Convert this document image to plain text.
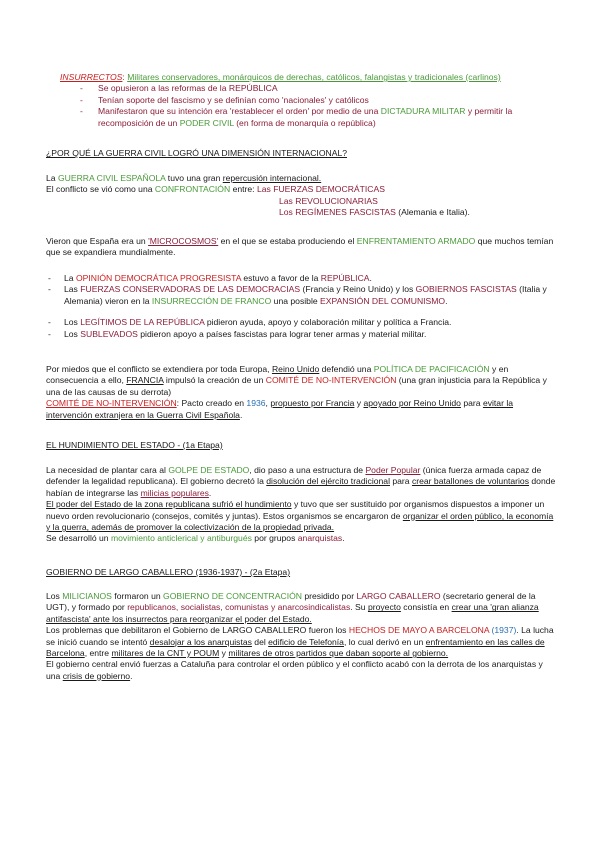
INSURRECTOS: Militares conservadores, monárquicos de derechas, católicos, falangistas y tradicionales (carlinos)
- Se opusieron a las reformas de la REPÚBLICA
- Tenían soporte del fascismo y se definían como 'nacionales' y católicos
- Manifestaron que su intención era 'restablecer el orden' por medio de una DICTADURA MILITAR y permitir la recomposición de un PODER CIVIL (en forma de monarquía o república)
¿POR QUÉ LA GUERRA CIVIL LOGRÓ UNA DIMENSIÓN INTERNACIONAL?
La GUERRA CIVIL ESPAÑOLA tuvo una gran repercusión internacional.
El conflicto se vió como una CONFRONTACIÓN entre: Las FUERZAS DEMOCRÁTICAS
Las REVOLUCIONARIAS
Los REGÍMENES FASCISTAS (Alemania e Italia).
Vieron que España era un 'MICROCOSMOS' en el que se estaba produciendo el ENFRENTAMIENTO ARMADO que muchos temían que se expandiera mundialmente.
- La OPINIÓN DEMOCRÁTICA PROGRESISTA estuvo a favor de la REPÚBLICA.
- Las FUERZAS CONSERVADORAS DE LAS DEMOCRACIAS (Francia y Reino Unido) y los GOBIERNOS FASCISTAS (Italia y Alemania) vieron en la INSURRECCIÓN DE FRANCO una posible EXPANSIÓN DEL COMUNISMO.
- Los LEGÍTIMOS DE LA REPÚBLICA pidieron ayuda, apoyo y colaboración militar y política a Francia.
- Los SUBLEVADOS pidieron apoyo a países fascistas para lograr tener armas y material militar.
Por miedos que el conflicto se extendiera por toda Europa, Reino Unido defendió una POLÍTICA DE PACIFICACIÓN y en consecuencia a ello, FRANCIA impulsó la creación de un COMITÉ DE NO-INTERVENCIÓN (una gran injusticia para la República y una de las causas de su derrota)
COMITÉ DE NO-INTERVENCIÓN: Pacto creado en 1936, propuesto por Francia y apoyado por Reino Unido para evitar la intervención extranjera en la Guerra Civil Española.
EL HUNDIMIENTO DEL ESTADO - (1a Etapa)
La necesidad de plantar cara al GOLPE DE ESTADO, dio paso a una estructura de Poder Popular (única fuerza armada capaz de defender la legalidad republicana). El gobierno decretó la disolución del ejército tradicional para crear batallones de voluntarios donde habían de integrarse las milicias populares.
El poder del Estado de la zona republicana sufrió el hundimiento y tuvo que ser sustituido por organismos dispuestos a imponer un nuevo orden revolucionario (consejos, comités y juntas). Estos organismos se encargaron de organizar el orden público, la economía y la guerra, además de promover la colectivización de la propiedad privada.
Se desarrolló un movimiento anticlerical y antiburgués por grupos anarquistas.
GOBIERNO DE LARGO CABALLERO (1936-1937) - (2a Etapa)
Los MILICIANOS formaron un GOBIERNO DE CONCENTRACIÓN presidido por LARGO CABALLERO (secretario general de la UGT), y formado por republicanos, socialistas, comunistas y anarcosindicalistas. Su proyecto consistía en crear una 'gran alianza antifascista' ante los insurrectos para reorganizar el poder del Estado.
Los problemas que debilitaron el Gobierno de LARGO CABALLERO fueron los HECHOS DE MAYO A BARCELONA (1937). La lucha se inició cuando se intentó desalojar a los anarquistas del edificio de Telefonía, lo cual derivó en un enfrentamiento en las calles de Barcelona, entre militares de la CNT y POUM y militares de otros partidos que daban soporte al gobierno.
El gobierno central envió fuerzas a Cataluña para controlar el orden público y el conflicto acabó con la derrota de los anarquistas y una crisis de gobierno.
